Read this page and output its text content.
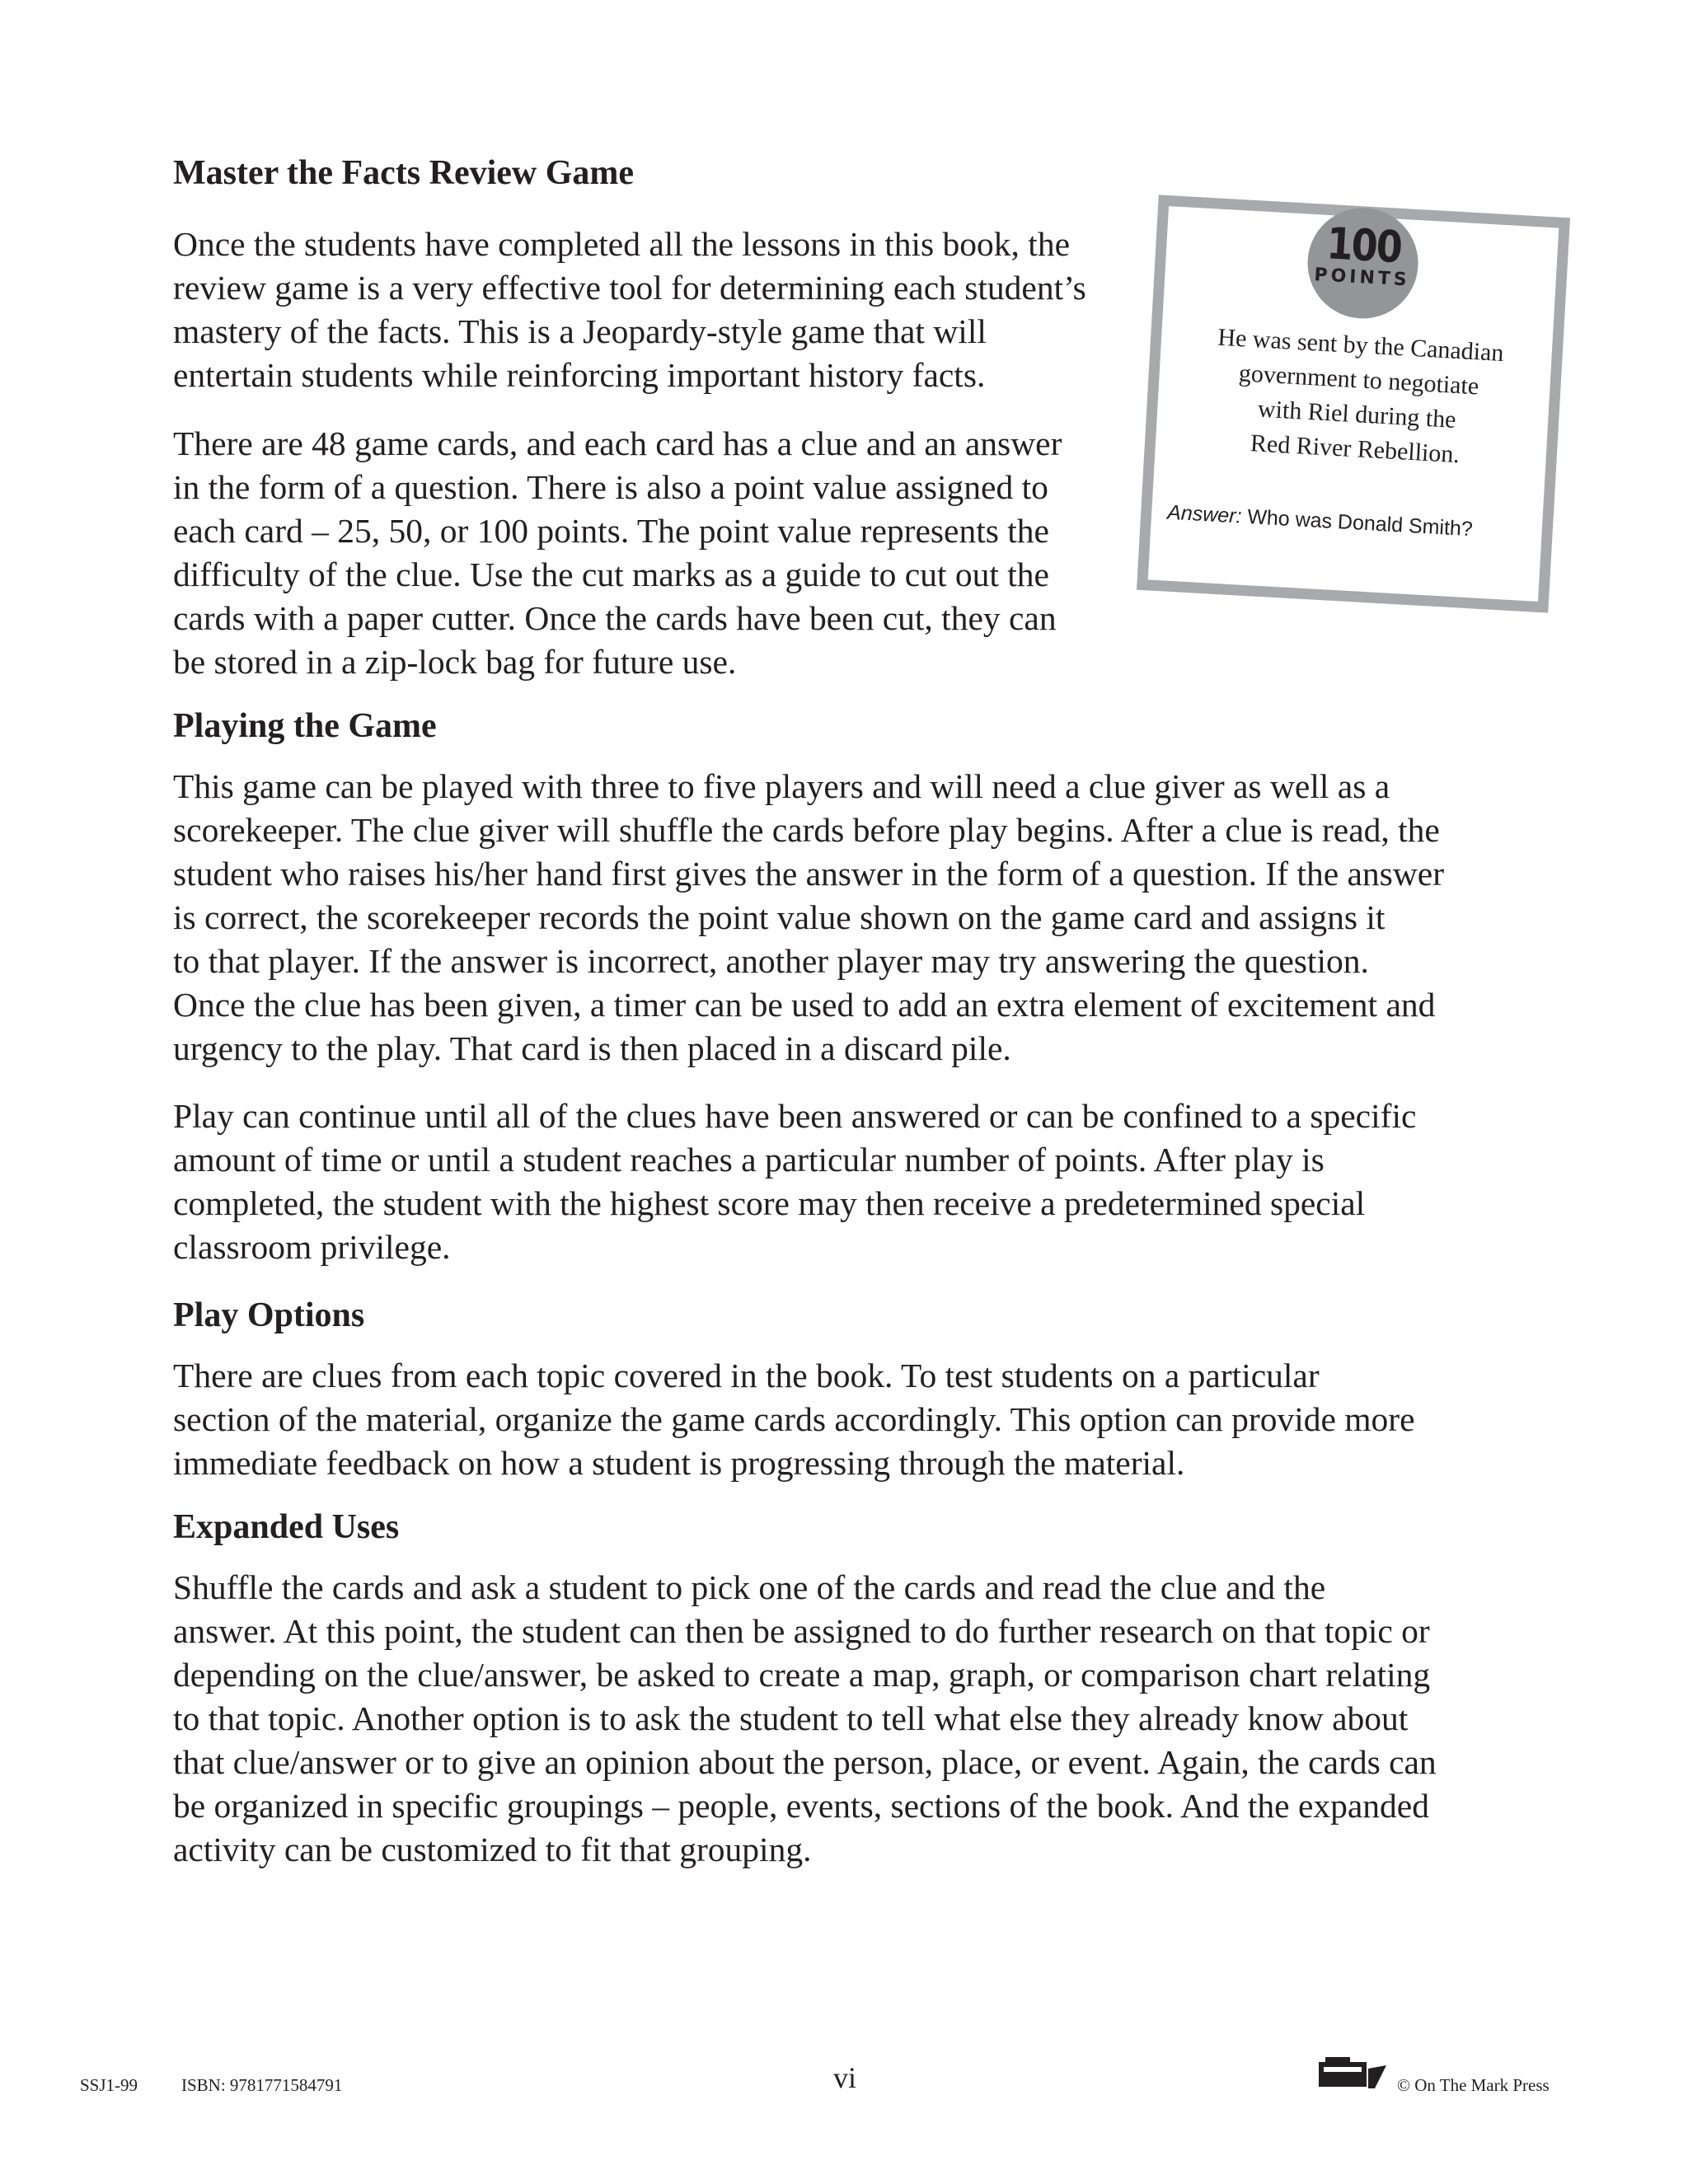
Master the Facts Review Game

Once the students have completed all the lessons in this book, the
review game is a very effective tool for determining each student’s
mastery of the facts. This is a Jeopardy-style game that will
entertain students while reinforcing important history facts.

There are 48 game cards, and each card has a clue and an answer
in the form of a question. There is also a point value assigned to
each card – 25, 50, or 100 points. The point value represents the
difficulty of the clue. Use the cut marks as a guide to cut out the
cards with a paper cutter. Once the cards have been cut, they can
be stored in a zip-lock bag for future use.

100
POINTS
He was sent by the Canadian
government to negotiate
with Riel during the
Red River Rebellion.
Answer: Who was Donald Smith?
Playing the Game

This game can be played with three to five players and will need a clue giver as well as a
scorekeeper. The clue giver will shuffle the cards before play begins. After a clue is read, the
student who raises his/her hand first gives the answer in the form of a question. If the answer
is correct, the scorekeeper records the point value shown on the game card and assigns it
to that player. If the answer is incorrect, another player may try answering the question.
Once the clue has been given, a timer can be used to add an extra element of excitement and
urgency to the play. That card is then placed in a discard pile.

Play can continue until all of the clues have been answered or can be confined to a specific
amount of time or until a student reaches a particular number of points. After play is
completed, the student with the highest score may then receive a predetermined special
classroom privilege.

Play Options

There are clues from each topic covered in the book. To test students on a particular
section of the material, organize the game cards accordingly. This option can provide more
immediate feedback on how a student is progressing through the material.

Expanded Uses

Shuffle the cards and ask a student to pick one of the cards and read the clue and the
answer. At this point, the student can then be assigned to do further research on that topic or
depending on the clue/answer, be asked to create a map, graph, or comparison chart relating
to that topic. Another option is to ask the student to tell what else they already know about
that clue/answer or to give an opinion about the person, place, or event. Again, the cards can
be organized in specific groupings – people, events, sections of the book. And the expanded
activity can be customized to fit that grouping.

SSJ1-99	ISBN: 9781771584791	vi	© On The Mark Press
